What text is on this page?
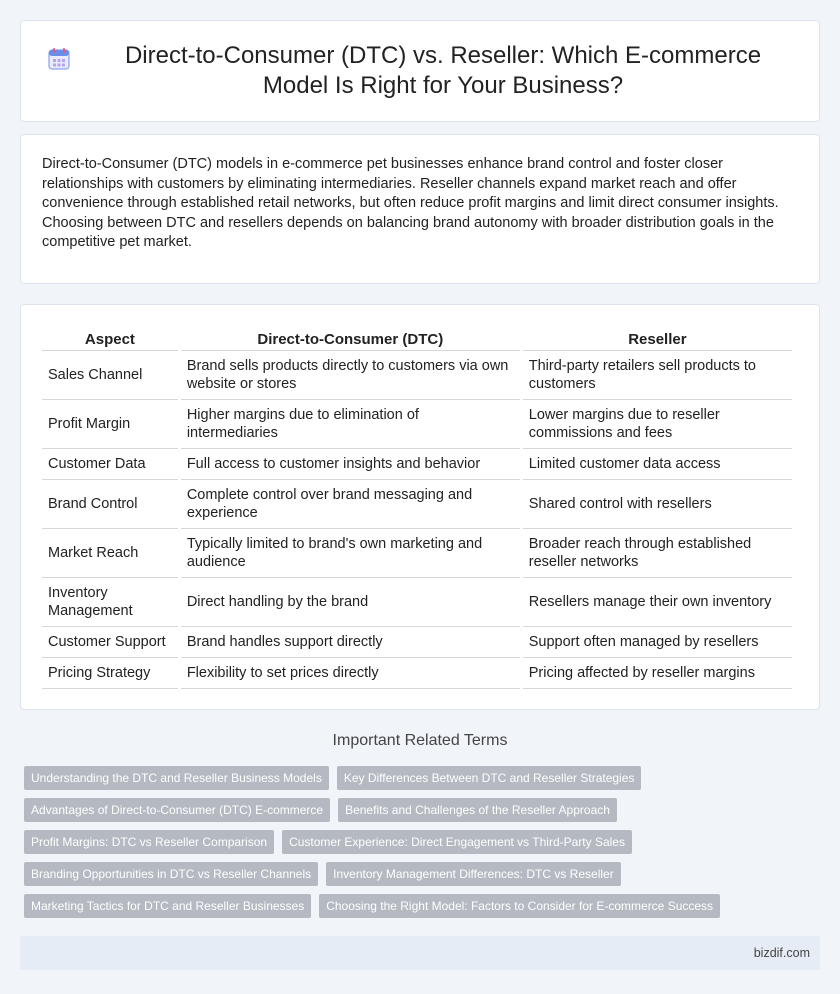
Direct-to-Consumer (DTC) vs. Reseller: Which E-commerce Model Is Right for Your Business?

Direct-to-Consumer (DTC) models in e-commerce pet businesses enhance brand control and foster closer relationships with customers by eliminating intermediaries. Reseller channels expand market reach and offer convenience through established retail networks, but often reduce profit margins and limit direct consumer insights. Choosing between DTC and resellers depends on balancing brand autonomy with broader distribution goals in the competitive pet market.

Aspect	Direct-to-Consumer (DTC)	Reseller
Sales Channel	Brand sells products directly to customers via own website or stores	Third-party retailers sell products to customers
Profit Margin	Higher margins due to elimination of intermediaries	Lower margins due to reseller commissions and fees
Customer Data	Full access to customer insights and behavior	Limited customer data access
Brand Control	Complete control over brand messaging and experience	Shared control with resellers
Market Reach	Typically limited to brand's own marketing and audience	Broader reach through established reseller networks
Inventory Management	Direct handling by the brand	Resellers manage their own inventory
Customer Support	Brand handles support directly	Support often managed by resellers
Pricing Strategy	Flexibility to set prices directly	Pricing affected by reseller margins
Important Related Terms
Understanding the DTC and Reseller Business Models	Key Differences Between DTC and Reseller Strategies
Advantages of Direct-to-Consumer (DTC) E-commerce	Benefits and Challenges of the Reseller Approach
Profit Margins: DTC vs Reseller Comparison	Customer Experience: Direct Engagement vs Third-Party Sales
Branding Opportunities in DTC vs Reseller Channels	Inventory Management Differences: DTC vs Reseller
Marketing Tactics for DTC and Reseller Businesses	Choosing the Right Model: Factors to Consider for E-commerce Success
bizdif.com
